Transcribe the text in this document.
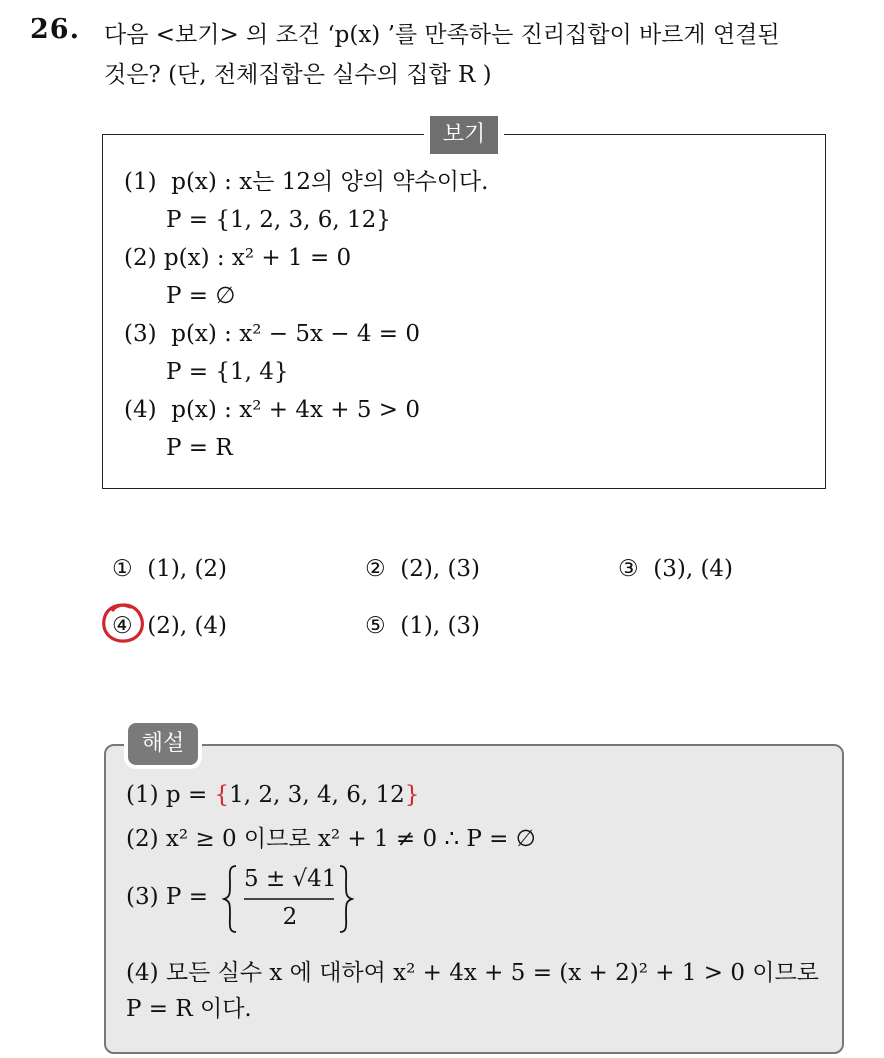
26. 다음 <보기> 의 조건 ‘p(x) ’를 만족하는 진리집합이 바르게 연결된
것은? (단, 전체집합은 실수의 집합 R )
보기
(1) p(x) : x는 12의 양의 약수이다.
P = {1, 2, 3, 6, 12}
(2) p(x) : x² + 1 = 0
P = ∅
(3) p(x) : x² − 5x − 4 = 0
P = {1, 4}
(4) p(x) : x² + 4x + 5 > 0
P = R
① (1), (2)	② (2), (3)	③ (3), (4)
④ (2), (4)	⑤ (1), (3)
해설
(1) p = {1, 2, 3, 4, 6, 12}
(2) x² ≥ 0 이므로 x² + 1 ≠ 0 ∴ P = ∅
(3) P =
5 ± √41
2
(4) 모든 실수 x 에 대하여 x² + 4x + 5 = (x + 2)² + 1 > 0 이므로
P = R 이다.
